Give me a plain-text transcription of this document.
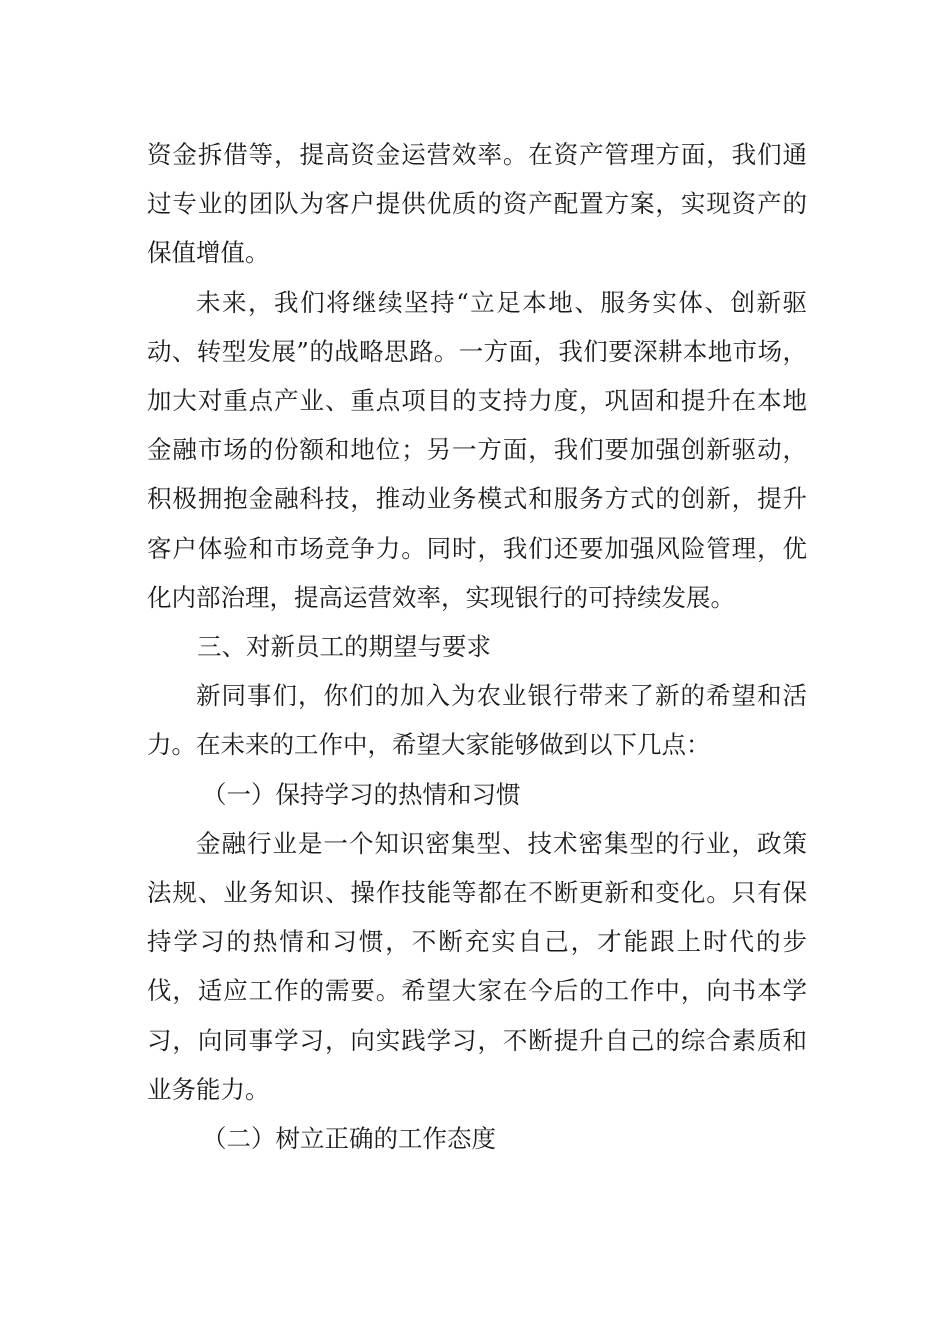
资金拆借等，提高资金运营效率。在资产管理方面，我们通过专业的团队为客户提供优质的资产配置方案，实现资产的保值增值。

未来，我们将继续坚持“立足本地、服务实体、创新驱动、转型发展”的战略思路。一方面，我们要深耕本地市场，加大对重点产业、重点项目的支持力度，巩固和提升在本地金融市场的份额和地位；另一方面，我们要加强创新驱动，积极拥抱金融科技，推动业务模式和服务方式的创新，提升客户体验和市场竞争力。同时，我们还要加强风险管理，优化内部治理，提高运营效率，实现银行的可持续发展。

三、对新员工的期望与要求

新同事们，你们的加入为农业银行带来了新的希望和活力。在未来的工作中，希望大家能够做到以下几点：

（一）保持学习的热情和习惯

金融行业是一个知识密集型、技术密集型的行业，政策法规、业务知识、操作技能等都在不断更新和变化。只有保持学习的热情和习惯，不断充实自己，才能跟上时代的步伐，适应工作的需要。希望大家在今后的工作中，向书本学习，向同事学习，向实践学习，不断提升自己的综合素质和业务能力。

（二）树立正确的工作态度
